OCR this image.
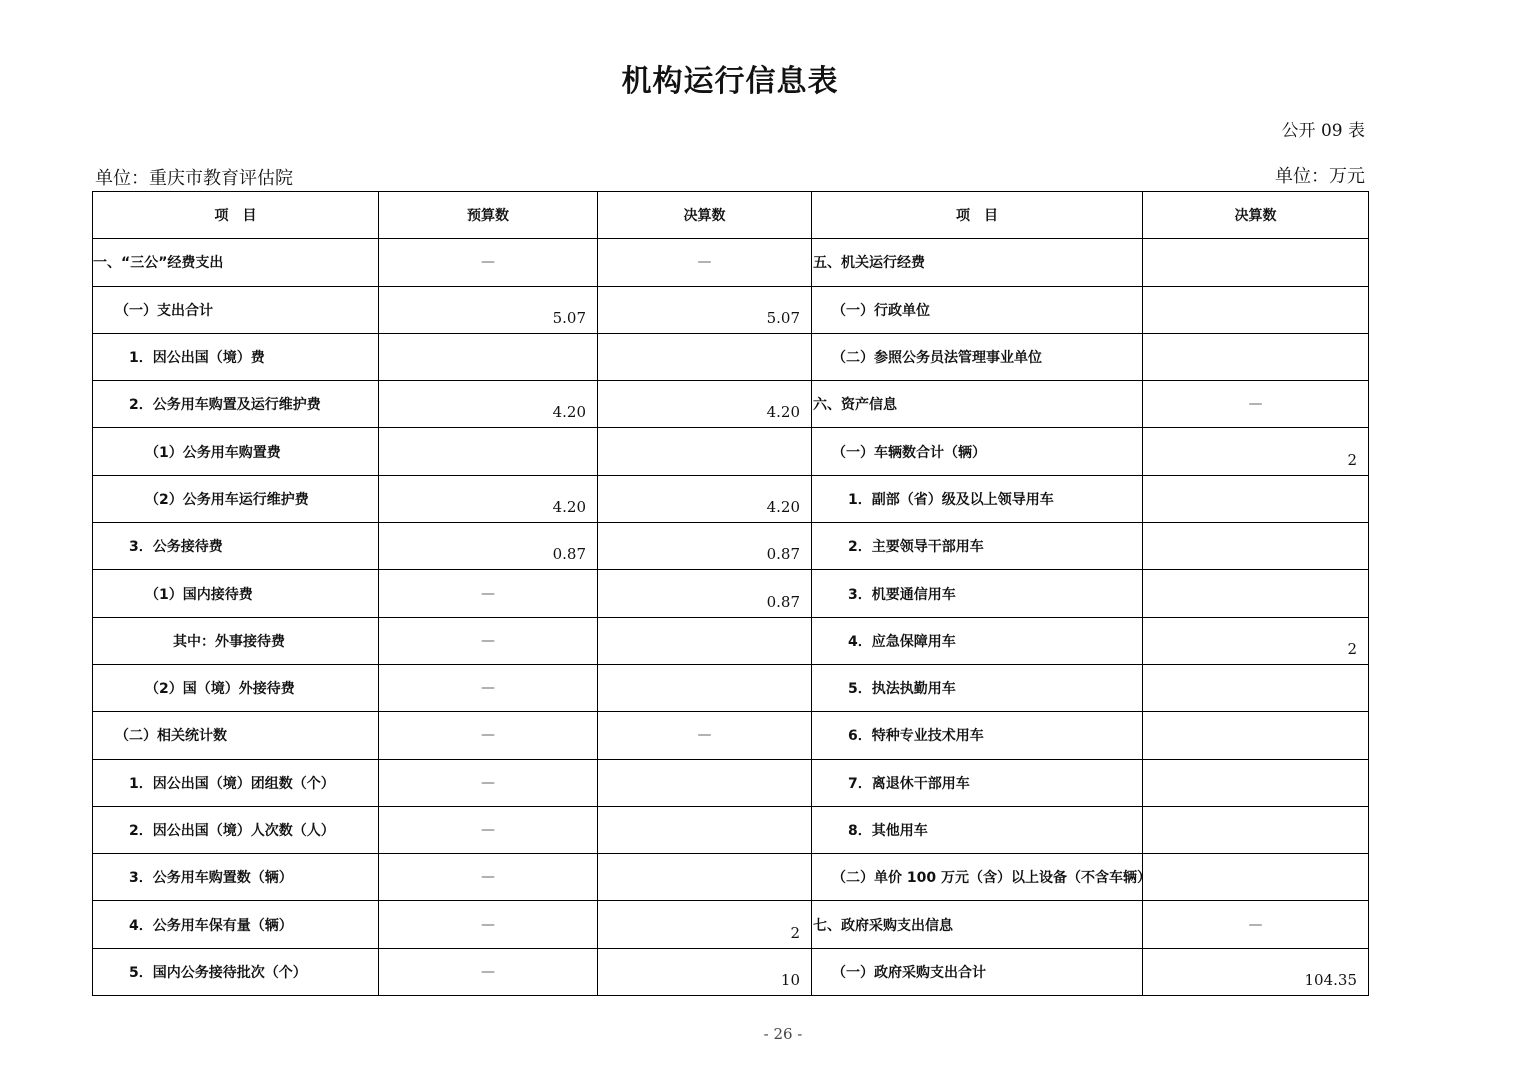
机构运行信息表
公开 09 表
单位：重庆市教育评估院	单位：万元
项　目	预算数	决算数	项　目	决算数

一、“三公”经费支出	—	—	五、机关运行经费	

（一）支出合计	5.07	5.07	（一）行政单位	

1．因公出国（境）费			（二）参照公务员法管理事业单位	

2．公务用车购置及运行维护费	4.20	4.20	六、资产信息	—

（1）公务用车购置费			（一）车辆数合计（辆）	2

（2）公务用车运行维护费	4.20	4.20	1．副部（省）级及以上领导用车	

3．公务接待费	0.87	0.87	2．主要领导干部用车	

（1）国内接待费	—	0.87	3．机要通信用车	

其中：外事接待费	—		4．应急保障用车	2

（2）国（境）外接待费	—		5．执法执勤用车	

（二）相关统计数	—	—	6．特种专业技术用车	

1．因公出国（境）团组数（个）	—		7．离退休干部用车	

2．因公出国（境）人次数（人）	—		8．其他用车	

3．公务用车购置数（辆）	—		（二）单价 100 万元（含）以上设备（不含车辆）	

4．公务用车保有量（辆）	—	2	七、政府采购支出信息	—

5．国内公务接待批次（个）	—	10	（一）政府采购支出合计	104.35
- 26 -
